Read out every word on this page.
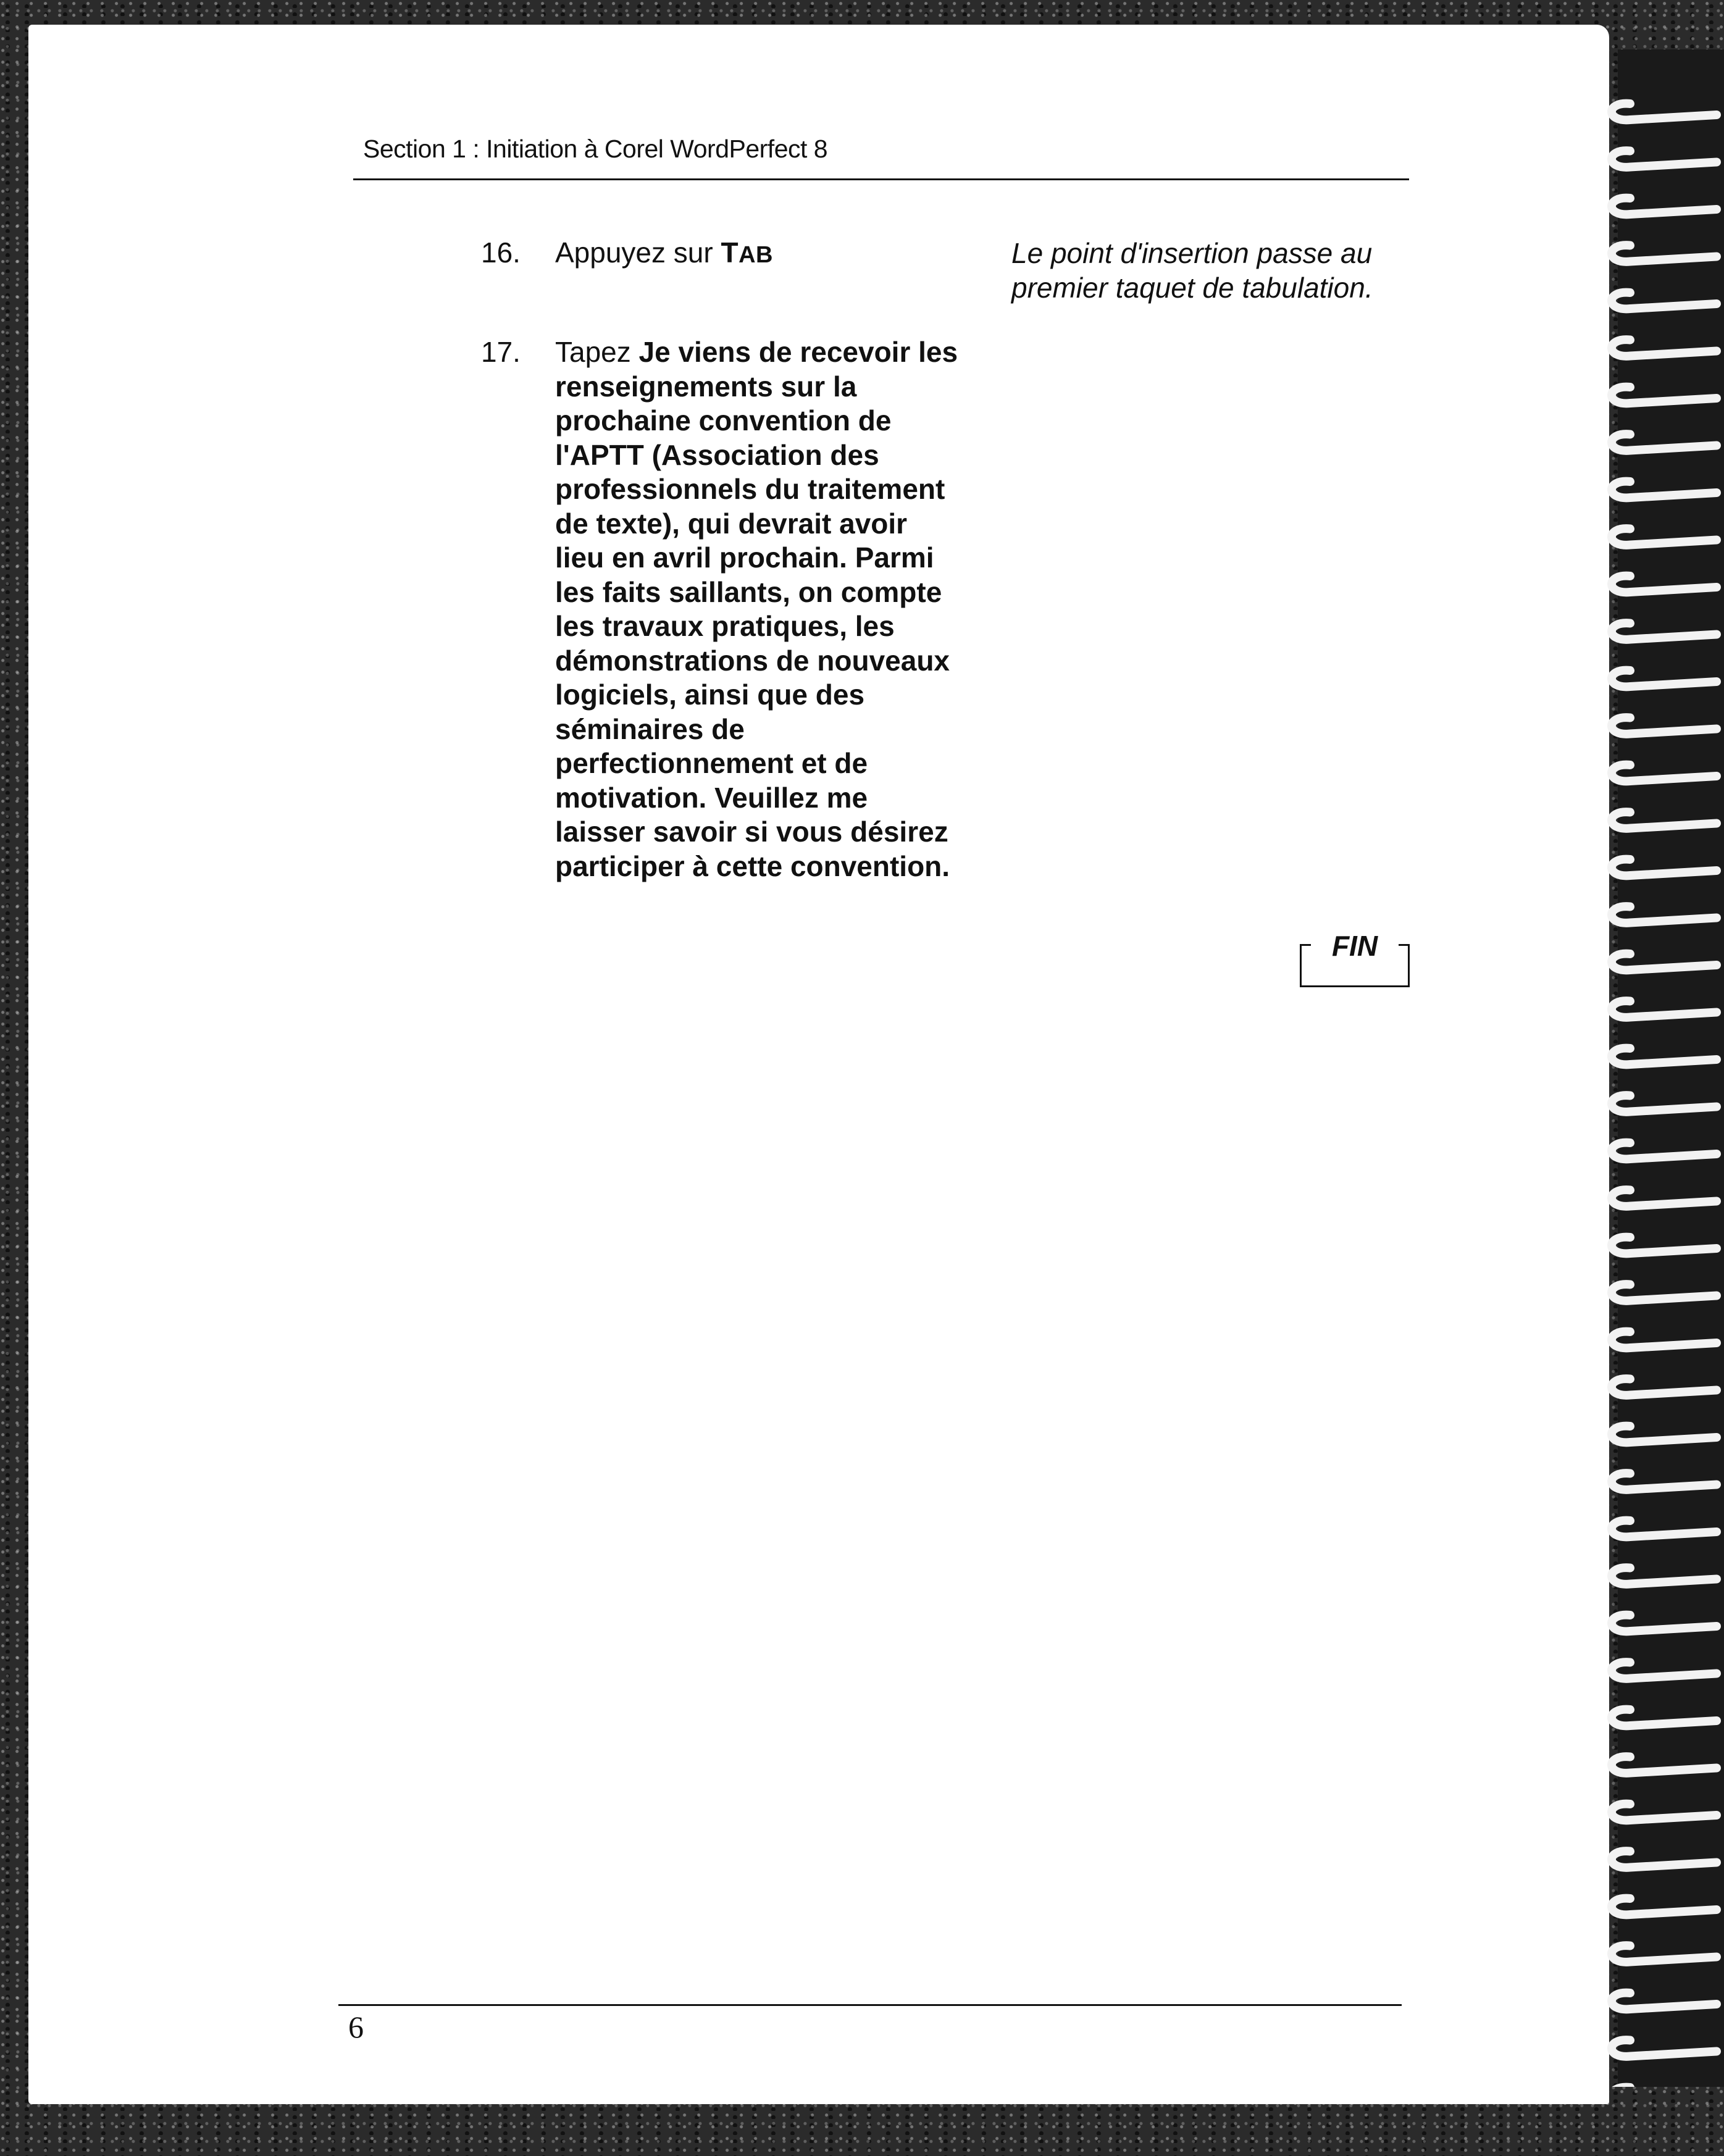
Section 1 : Initiation à Corel WordPerfect 8
16. Appuyez sur TAB	Le point d'insertion passe au premier taquet de tabulation.
17. Tapez Je viens de recevoir les renseignements sur la prochaine convention de l'APTT (Association des professionnels du traitement de texte), qui devrait avoir lieu en avril prochain. Parmi les faits saillants, on compte les travaux pratiques, les démonstrations de nouveaux logiciels, ainsi que des séminaires de perfectionnement et de motivation. Veuillez me laisser savoir si vous désirez participer à cette convention.
FIN
6
